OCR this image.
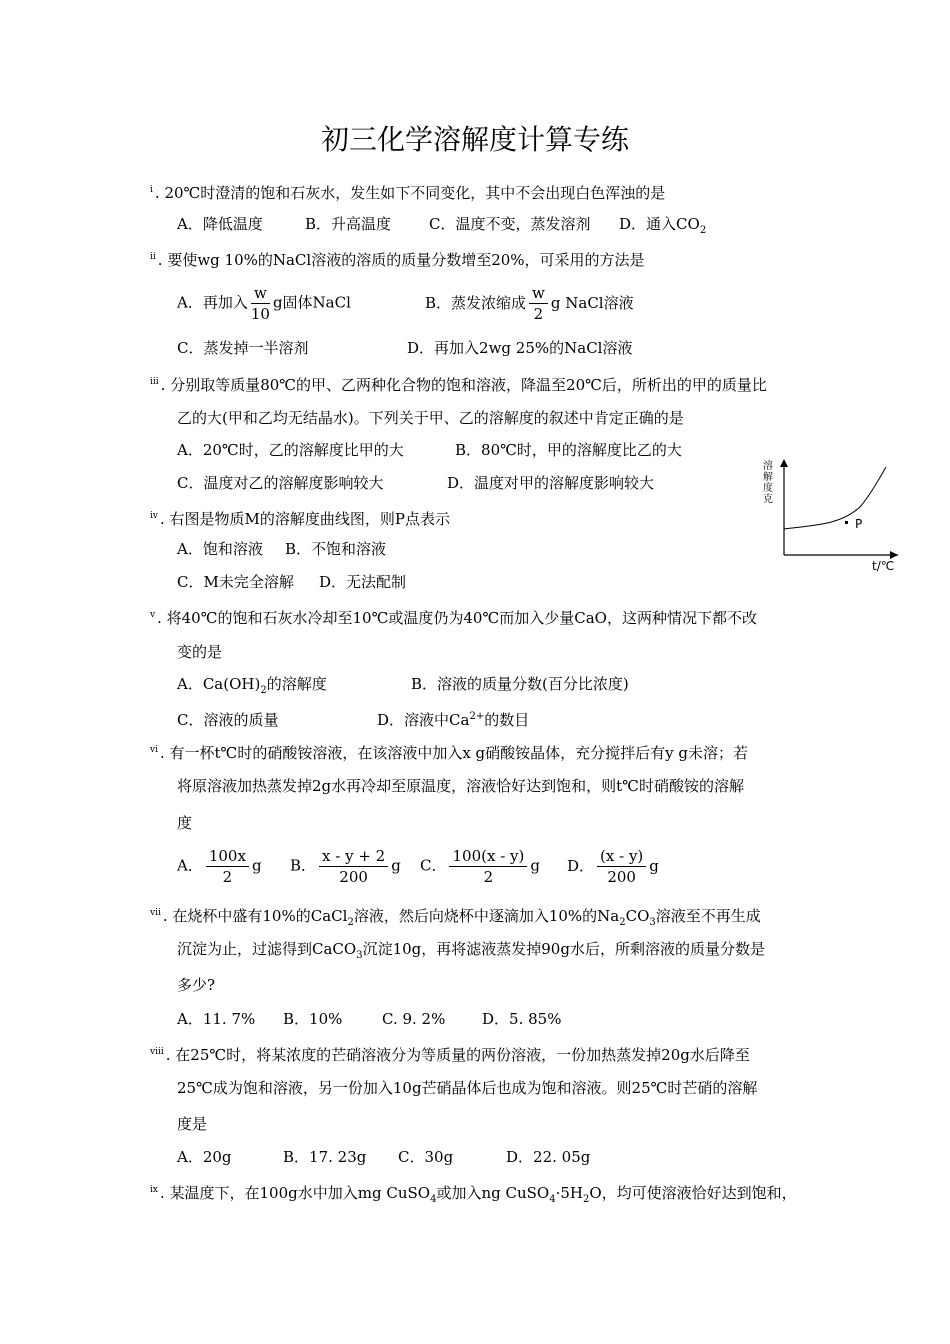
初三化学溶解度计算专练
$^i$ . 20℃时澄清的饱和石灰水，发生如下不同变化，其中不会出现白色浑浊的是
A．降低温度	B．升高温度	C．温度不变，蒸发溶剂 D．通入$CO_2$
$^{ii}$ . 要使wg 10%的NaCl溶液的溶质的质量分数增至20%，可采用的方法是
A．再加入 $\frac{w}{10}$ g固体NaCl	B．蒸发浓缩成 $\frac{w}{2}$ g NaCl溶液
C．蒸发掉一半溶剂	D．再加入2wg 25%的NaCl溶液
$^{iii}$ . 分别取等质量80℃的甲、乙两种化合物的饱和溶液，降温至20℃后，所析出的甲的质量比
乙的大(甲和乙均无结晶水)。下列关于甲、乙的溶解度的叙述中肯定正确的是
A．20℃时，乙的溶解度比甲的大	B．80℃时，甲的溶解度比乙的大
C．温度对乙的溶解度影响较大	D．温度对甲的溶解度影响较大
溶解度克
P
t/℃
$^{iv}$ . 右图是物质M的溶解度曲线图，则P点表示
A．饱和溶液 B．不饱和溶液
C．M未完全溶解 D．无法配制
$^v$ . 将40℃的饱和石灰水冷却至10℃或温度仍为40℃而加入少量CaO，这两种情况下都不改
变的是
A．$Ca(OH)_2$的溶解度	B．溶液的质量分数(百分比浓度)
C．溶液的质量	D．溶液中$Ca^{2+}$的数目
$^{vi}$ . 有一杯t℃时的硝酸铵溶液，在该溶液中加入x g硝酸铵晶体，充分搅拌后有y g未溶；若
将原溶液加热蒸发掉2g水再冷却至原温度，溶液恰好达到饱和，则t℃时硝酸铵的溶解
度
A． $\frac{100x}{2}$ g B． $\frac{x - y + 2}{200}$ g C． $\frac{100(x - y)}{2}$ g D． $\frac{(x - y)}{200}$ g
$^{vii}$ . 在烧杯中盛有10%的CaCl$_2$溶液，然后向烧杯中逐滴加入10%的$Na_2CO_3$溶液至不再生成
沉淀为止，过滤得到CaCO$_3$沉淀10g，再将滤液蒸发掉90g水后，所剩溶液的质量分数是
多少?
A．11. 7% B．10%	C. 9. 2% D．5. 85%
$^{viii}$ . 在25℃时，将某浓度的芒硝溶液分为等质量的两份溶液，一份加热蒸发掉20g水后降至
25℃成为饱和溶液，另一份加入10g芒硝晶体后也成为饱和溶液。则25℃时芒硝的溶解
度是
A．20g	B．17. 23g C．30g	D．22. 05g
$^{ix}$ . 某温度下，在100g水中加入mg CuSO$_4$或加入ng $CuSO_4\cdot 5H_2O$，均可使溶液恰好达到饱和，
